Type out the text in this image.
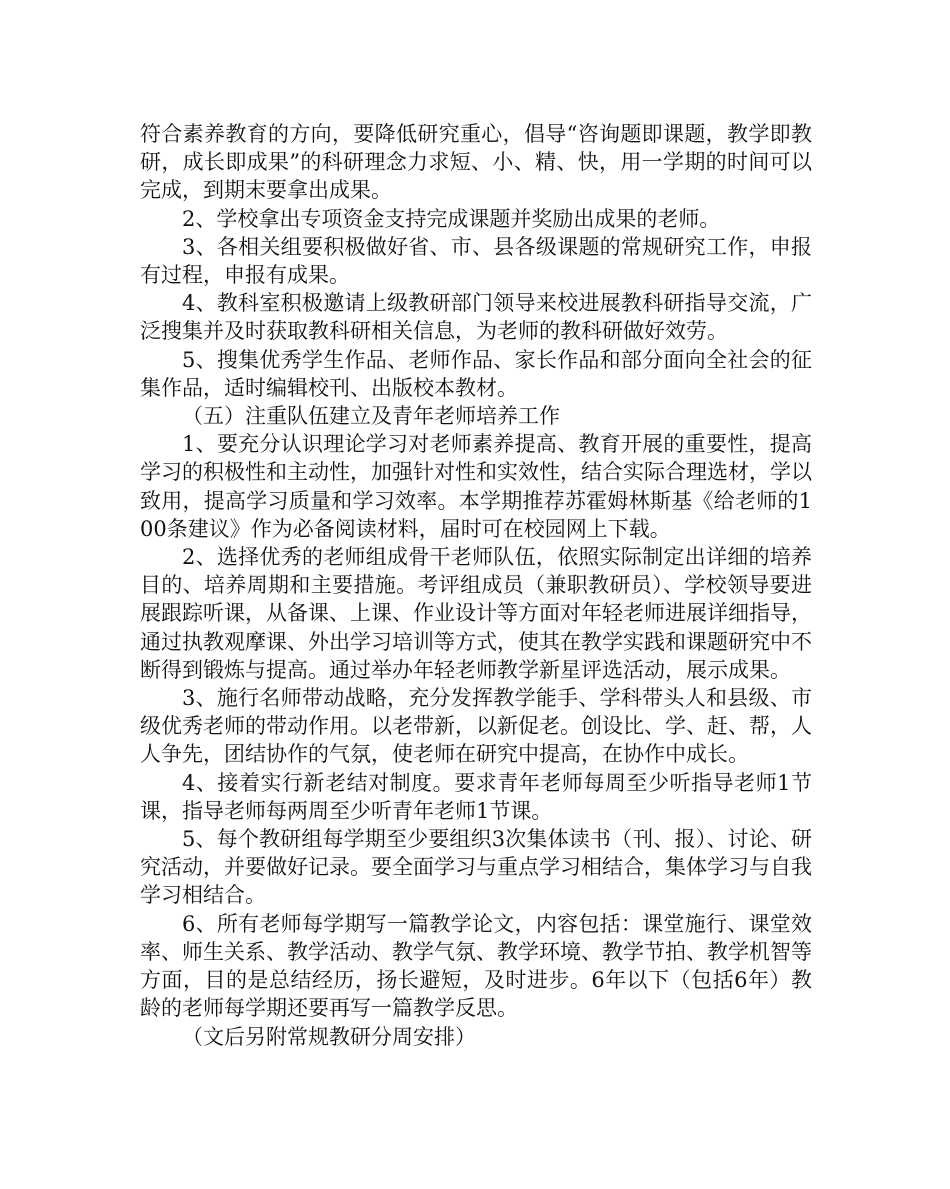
符合素养教育的方向，要降低研究重心，倡导“咨询题即课题，教学即教研，成长即成果”的科研理念力求短、小、精、快，用一学期的时间可以完成，到期末要拿出成果。

2、学校拿出专项资金支持完成课题并奖励出成果的老师。

3、各相关组要积极做好省、市、县各级课题的常规研究工作，申报有过程，申报有成果。

4、教科室积极邀请上级教研部门领导来校进展教科研指导交流，广泛搜集并及时获取教科研相关信息，为老师的教科研做好效劳。

5、搜集优秀学生作品、老师作品、家长作品和部分面向全社会的征集作品，适时编辑校刊、出版校本教材。

（五）注重队伍建立及青年老师培养工作

1、要充分认识理论学习对老师素养提高、教育开展的重要性，提高学习的积极性和主动性，加强针对性和实效性，结合实际合理选材，学以致用，提高学习质量和学习效率。本学期推荐苏霍姆林斯基《给老师的100条建议》作为必备阅读材料，届时可在校园网上下载。

2、选择优秀的老师组成骨干老师队伍，依照实际制定出详细的培养目的、培养周期和主要措施。考评组成员（兼职教研员）、学校领导要进展跟踪听课，从备课、上课、作业设计等方面对年轻老师进展详细指导，通过执教观摩课、外出学习培训等方式，使其在教学实践和课题研究中不断得到锻炼与提高。通过举办年轻老师教学新星评选活动，展示成果。

3、施行名师带动战略，充分发挥教学能手、学科带头人和县级、市级优秀老师的带动作用。以老带新，以新促老。创设比、学、赶、帮，人人争先，团结协作的气氛，使老师在研究中提高，在协作中成长。

4、接着实行新老结对制度。要求青年老师每周至少听指导老师1节课，指导老师每两周至少听青年老师1节课。

5、每个教研组每学期至少要组织3次集体读书（刊、报）、讨论、研究活动，并要做好记录。要全面学习与重点学习相结合，集体学习与自我学习相结合。

6、所有老师每学期写一篇教学论文，内容包括：课堂施行、课堂效率、师生关系、教学活动、教学气氛、教学环境、教学节拍、教学机智等方面，目的是总结经历，扬长避短，及时进步。6年以下（包括6年）教龄的老师每学期还要再写一篇教学反思。

（文后另附常规教研分周安排）
